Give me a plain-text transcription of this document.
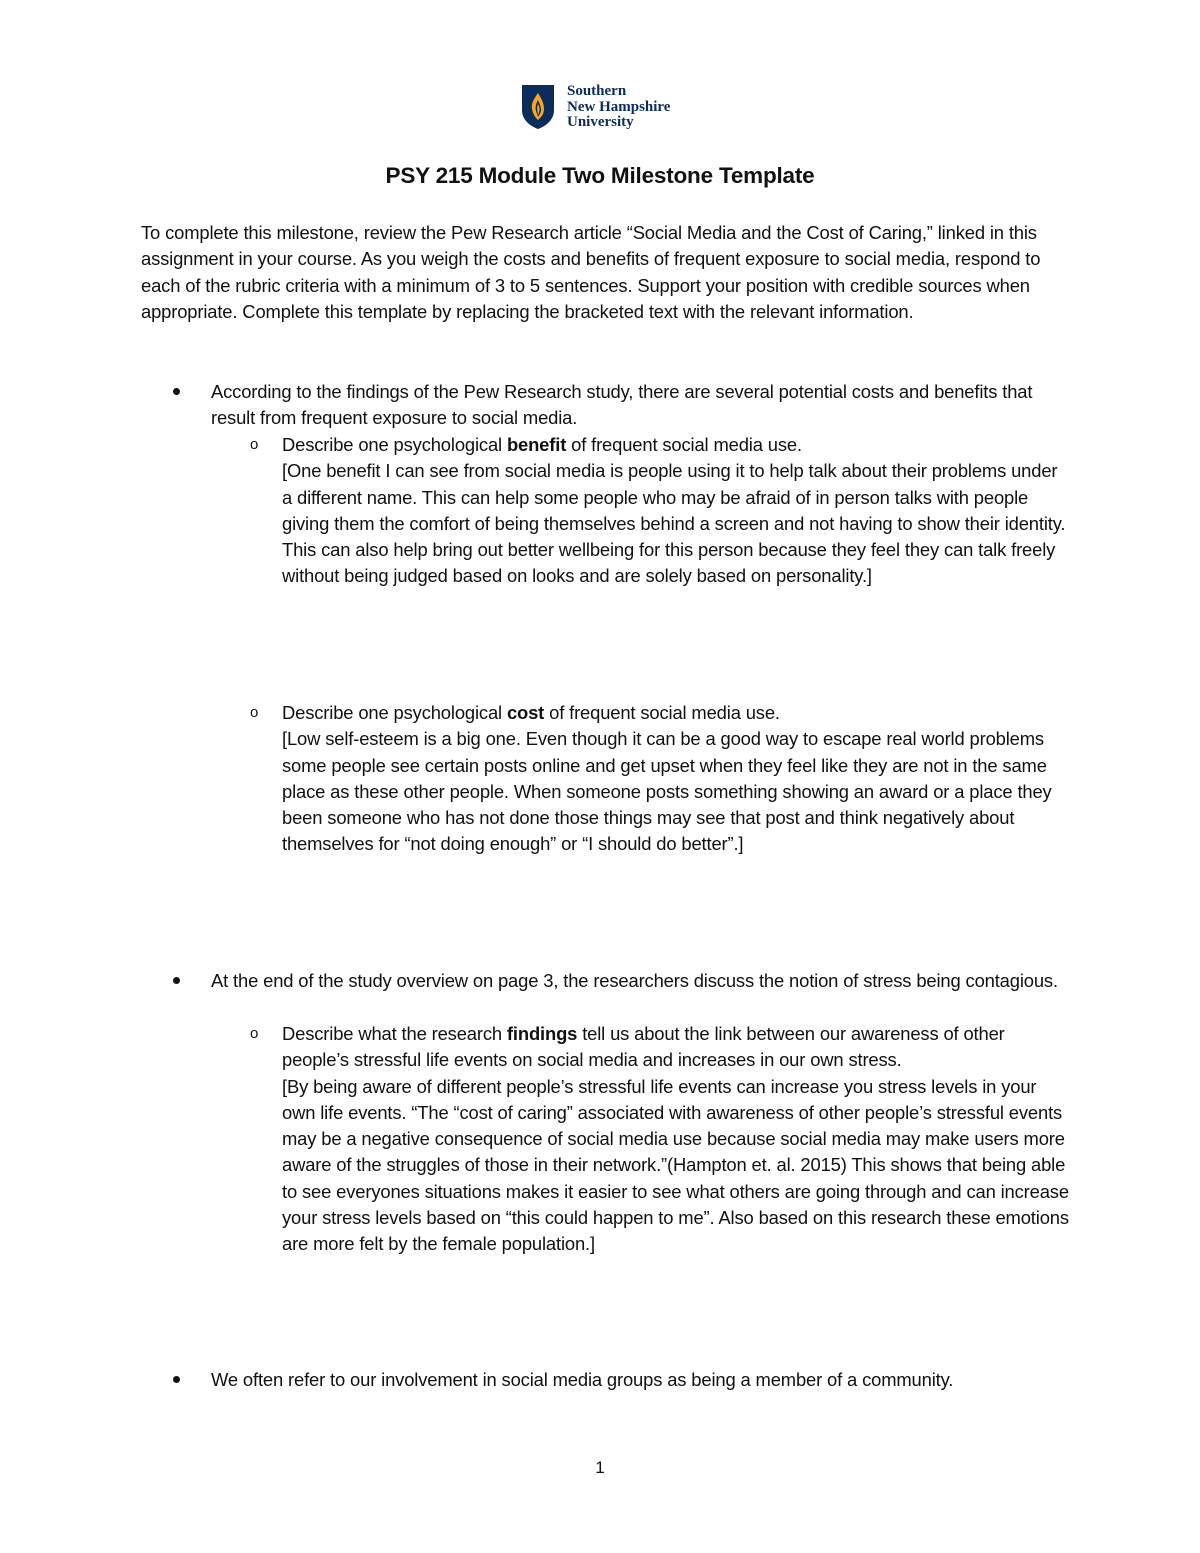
Southern
New Hampshire
University
PSY 215 Module Two Milestone Template
To complete this milestone, review the Pew Research article “Social Media and the Cost of Caring,” linked in this assignment in your course. As you weigh the costs and benefits of frequent exposure to social media, respond to each of the rubric criteria with a minimum of 3 to 5 sentences. Support your position with credible sources when appropriate. Complete this template by replacing the bracketed text with the relevant information.
According to the findings of the Pew Research study, there are several potential costs and benefits that result from frequent exposure to social media.
o Describe one psychological benefit of frequent social media use.

[One benefit I can see from social media is people using it to help talk about their problems under a different name. This can help some people who may be afraid of in person talks with people giving them the comfort of being themselves behind a screen and not having to show their identity. This can also help bring out better wellbeing for this person because they feel they can talk freely without being judged based on looks and are solely based on personality.]

o Describe one psychological cost of frequent social media use.

[Low self-esteem is a big one. Even though it can be a good way to escape real world problems some people see certain posts online and get upset when they feel like they are not in the same place as these other people. When someone posts something showing an award or a place they been someone who has not done those things may see that post and think negatively about themselves for “not doing enough” or “I should do better”.]

At the end of the study overview on page 3, the researchers discuss the notion of stress being contagious.
o Describe what the research findings tell us about the link between our awareness of other people’s stressful life events on social media and increases in our own stress.

[By being aware of different people’s stressful life events can increase you stress levels in your own life events. “The “cost of caring” associated with awareness of other people’s stressful events may be a negative consequence of social media use because social media may make users more aware of the struggles of those in their network.”(Hampton et. al. 2015) This shows that being able to see everyones situations makes it easier to see what others are going through and can increase your stress levels based on “this could happen to me”. Also based on this research these emotions are more felt by the female population.]

We often refer to our involvement in social media groups as being a member of a community.
1
